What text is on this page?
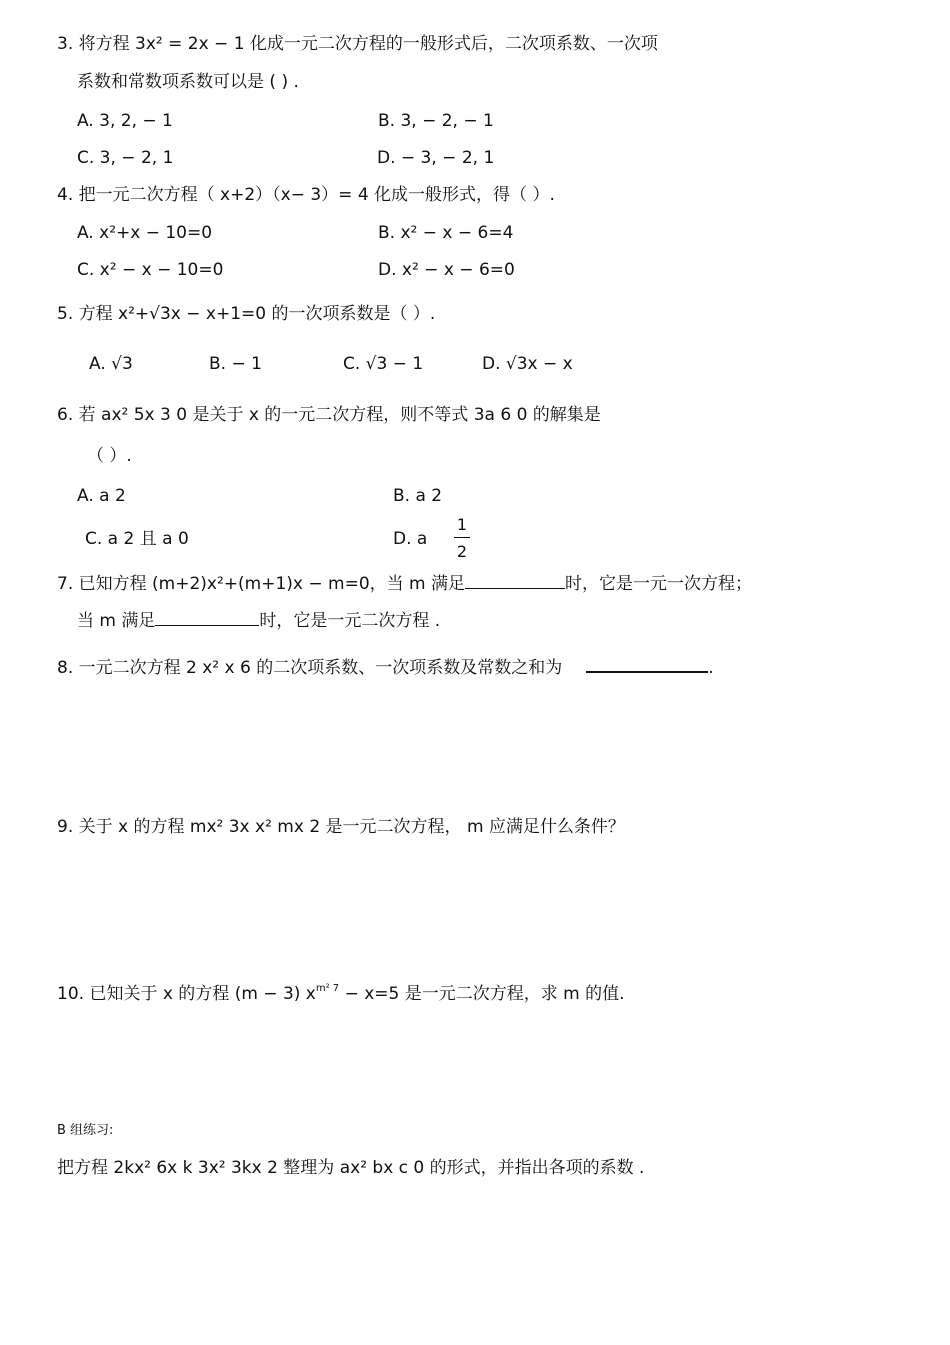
3. 将方程 3x² = 2x − 1 化成一元二次方程的一般形式后，二次项系数、一次项
系数和常数项系数可以是 ( ) .
A. 3, 2, − 1	B. 3, − 2, − 1
C. 3, − 2, 1	D. − 3, − 2, 1
4. 把一元二次方程（ x+2）（x− 3）= 4 化成一般形式，得（ ）.
A. x²+x − 10=0	B. x² − x − 6=4
C. x² − x − 10=0	D. x² − x − 6=0
5. 方程 x²+√3x − x+1=0 的一次项系数是（ ）.
A. √3	B. − 1	C. √3 − 1	D. √3x − x
6. 若 ax² 5x 3 0 是关于 x 的一元二次方程，则不等式 3a 6 0 的解集是
（ ）.
A. a 2	B. a 2
C. a 2 且 a 0	D. a
1
2
7. 已知方程 (m+2)x²+(m+1)x − m=0，当 m 满足	时，它是一元一次方程；
当 m 满足	时，它是一元二次方程 .
8. 一元二次方程 2 x² x 6 的二次项系数、一次项系数及常数之和为	.
9. 关于 x 的方程 mx² 3x x² mx 2 是一元二次方程， m 应满足什么条件？
10. 已知关于 x 的方程 (m − 3) $x^{m^2 7} - x=5$ 是一元二次方程，求 m 的值.
B 组练习:
把方程 2kx² 6x k 3x² 3kx 2 整理为 ax² bx c 0 的形式，并指出各项的系数 .
